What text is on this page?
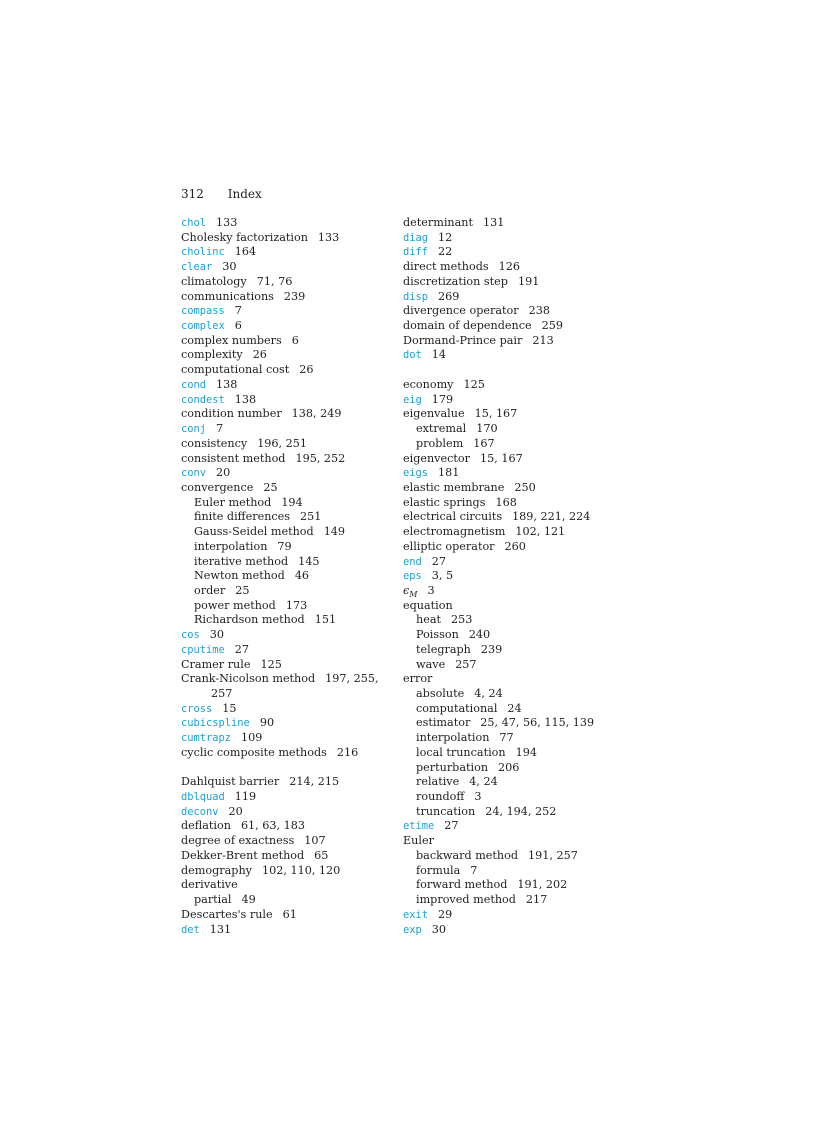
312 Index
chol 133
Cholesky factorization 133
cholinc 164
clear 30
climatology 71, 76
communications 239
compass 7
complex 6
complex numbers 6
complexity 26
computational cost 26
cond 138
condest 138
condition number 138, 249
conj 7
consistency 196, 251
consistent method 195, 252
conv 20
convergence 25
Euler method 194
finite differences 251
Gauss-Seidel method 149
interpolation 79
iterative method 145
Newton method 46
order 25
power method 173
Richardson method 151
cos 30
cputime 27
Cramer rule 125
Crank-Nicolson method 197, 255,
257
cross 15
cubicspline 90
cumtrapz 109
cyclic composite methods 216
Dahlquist barrier 214, 215
dblquad 119
deconv 20
deflation 61, 63, 183
degree of exactness 107
Dekker-Brent method 65
demography 102, 110, 120
derivative
partial 49
Descartes's rule 61
det 131
determinant 131
diag 12
diff 22
direct methods 126
discretization step 191
disp 269
divergence operator 238
domain of dependence 259
Dormand-Prince pair 213
dot 14
economy 125
eig 179
eigenvalue 15, 167
extremal 170
problem 167
eigenvector 15, 167
eigs 181
elastic membrane 250
elastic springs 168
electrical circuits 189, 221, 224
electromagnetism 102, 121
elliptic operator 260
end 27
eps 3, 5
$\epsilon_M$ 3
equation
heat 253
Poisson 240
telegraph 239
wave 257
error
absolute 4, 24
computational 24
estimator 25, 47, 56, 115, 139
interpolation 77
local truncation 194
perturbation 206
relative 4, 24
roundoff 3
truncation 24, 194, 252
etime 27
Euler
backward method 191, 257
formula 7
forward method 191, 202
improved method 217
exit 29
exp 30
